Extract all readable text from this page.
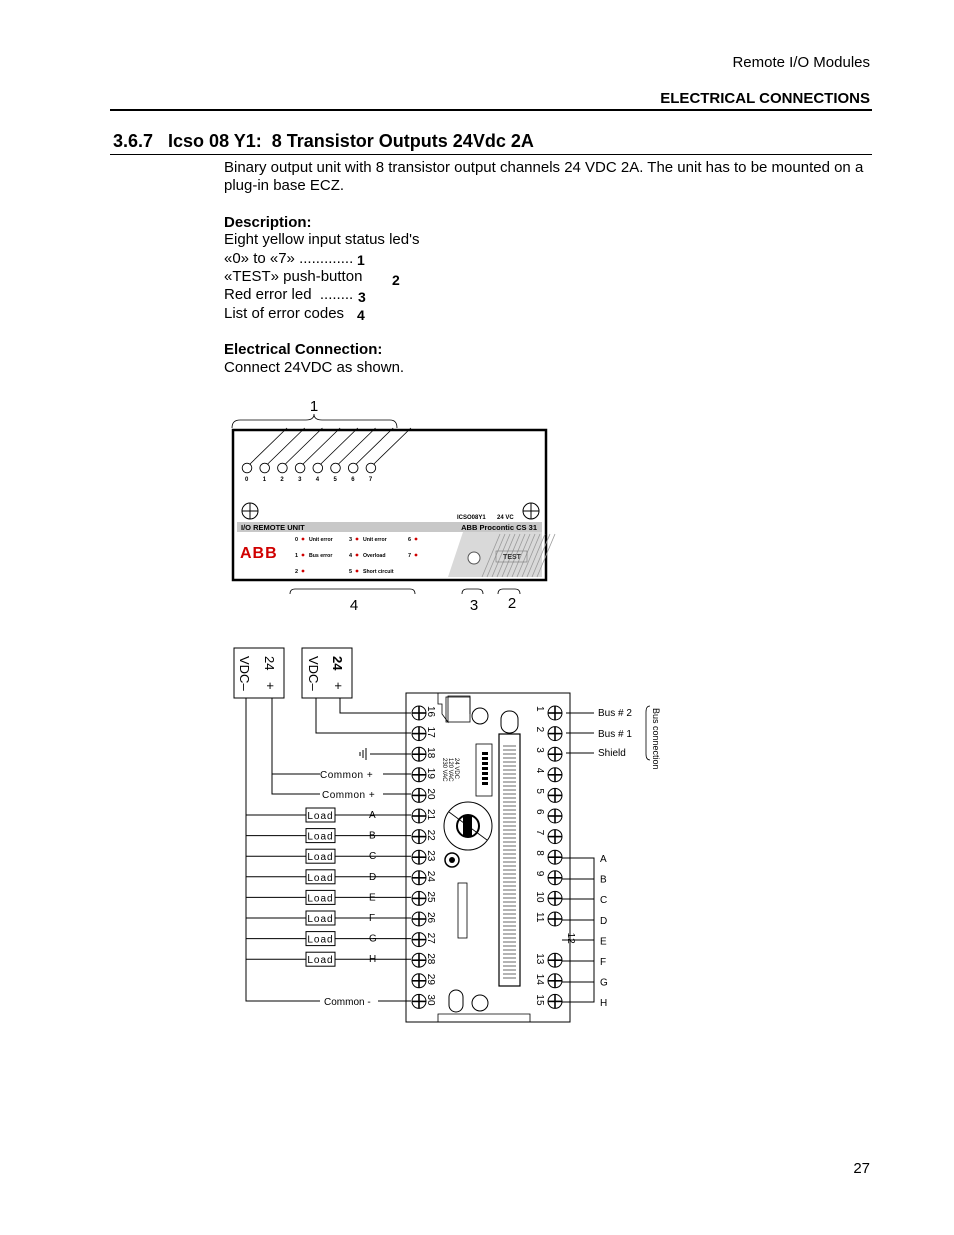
Remote I/O Modules
ELECTRICAL CONNECTIONS
3.6.7   Icso 08 Y1:  8 Transistor Outputs 24Vdc 2A
Binary output unit with 8 transistor output channels 24 VDC 2A. The unit has to be mounted on a plug-in base ECZ.
Description:
Eight yellow input status led's
«0» to «7» ............. 1
«TEST» push-button 2
Red error led  ........ 3
List of error codes 4
Electrical Connection:
Connect 24VDC as shown.
1
0 1 2 3 4 5 6 7
ICSO08Y1 24 VC
I/O REMOTE UNIT	ABB Procontic CS 31
TEST
ABB
0 Unit error
1 Bus error
2
3 Unit error
4 Overload
5 Short circuit
6
7
4	3 2
24
+
VDC–	24
+
VDC–
24 VDC
120 VAC
230 VAC
16
17
18
19
20
21
22
23
24
25
26
27
28
29
30
1
2
3
4
5
6
7
8
9
10
11
12
13
14
15
Common +
Common +
Common -
Load	A
Load	B
Load	C
Load	D
Load	E
Load	F
Load	G
Load	H
A
B
C
D
E
F
G
H
Bus # 2
Bus # 1
Shield	Bus connection
27
